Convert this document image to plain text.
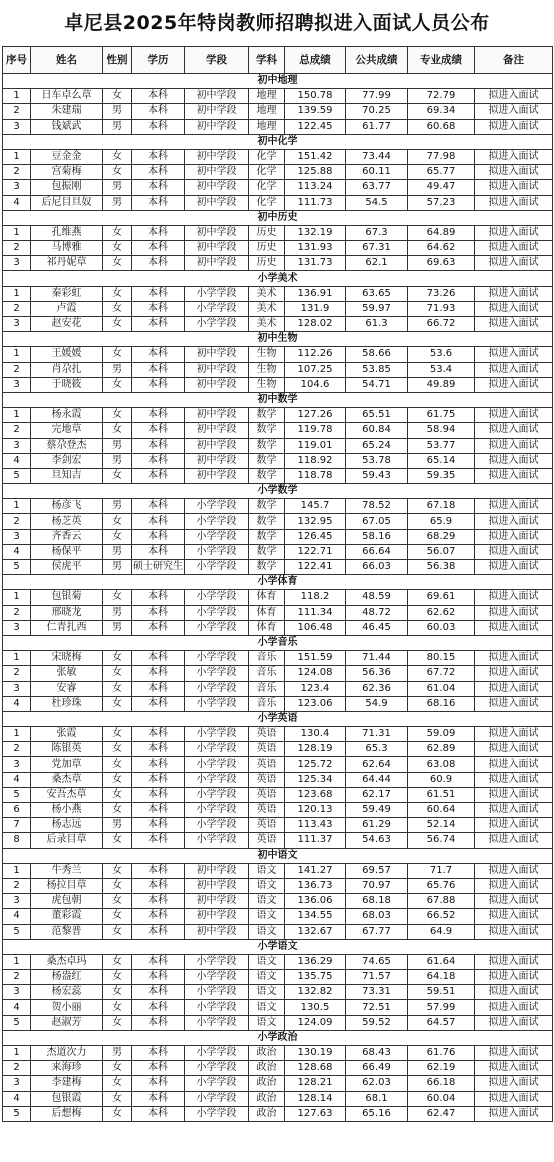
卓尼县2025年特岗教师招聘拟进入面试人员公布
序号	姓名	性别	学历	学段	学科	总成绩	公共成绩	专业成绩	备注
初中地理									
1	日车卓么草	女	本科	初中学段	地理	150.78	77.99	72.79	拟进入面试
2	朱建瑞	男	本科	初中学段	地理	139.59	70.25	69.34	拟进入面试
3	钱斌武	男	本科	初中学段	地理	122.45	61.77	60.68	拟进入面试
初中化学									
1	豆金金	女	本科	初中学段	化学	151.42	73.44	77.98	拟进入面试
2	宫菊梅	女	本科	初中学段	化学	125.88	60.11	65.77	拟进入面试
3	包振刚	男	本科	初中学段	化学	113.24	63.77	49.47	拟进入面试
4	后尼目旦奴	男	本科	初中学段	化学	111.73	54.5	57.23	拟进入面试
初中历史									
1	孔维燕	女	本科	初中学段	历史	132.19	67.3	64.89	拟进入面试
2	马博雅	女	本科	初中学段	历史	131.93	67.31	64.62	拟进入面试
3	祁丹妮草	女	本科	初中学段	历史	131.73	62.1	69.63	拟进入面试
小学美术									
1	秦彩虹	女	本科	小学学段	美术	136.91	63.65	73.26	拟进入面试
2	卢霞	女	本科	小学学段	美术	131.9	59.97	71.93	拟进入面试
3	赵安花	女	本科	小学学段	美术	128.02	61.3	66.72	拟进入面试
初中生物									
1	王媛媛	女	本科	初中学段	生物	112.26	58.66	53.6	拟进入面试
2	肖尕扎	男	本科	初中学段	生物	107.25	53.85	53.4	拟进入面试
3	于晓筱	女	本科	初中学段	生物	104.6	54.71	49.89	拟进入面试
初中数学									
1	杨永霞	女	本科	初中学段	数学	127.26	65.51	61.75	拟进入面试
2	完地草	女	本科	初中学段	数学	119.78	60.84	58.94	拟进入面试
3	蔡尕登杰	男	本科	初中学段	数学	119.01	65.24	53.77	拟进入面试
4	李剑宏	男	本科	初中学段	数学	118.92	53.78	65.14	拟进入面试
5	旦知吉	女	本科	初中学段	数学	118.78	59.43	59.35	拟进入面试
小学数学									
1	杨彦飞	男	本科	小学学段	数学	145.7	78.52	67.18	拟进入面试
2	杨芝英	女	本科	小学学段	数学	132.95	67.05	65.9	拟进入面试
3	齐香云	女	本科	小学学段	数学	126.45	58.16	68.29	拟进入面试
4	杨保平	男	本科	小学学段	数学	122.71	66.64	56.07	拟进入面试
5	侯虎平	男	硕士研究生	小学学段	数学	122.41	66.03	56.38	拟进入面试
小学体育									
1	包银菊	女	本科	小学学段	体育	118.2	48.59	69.61	拟进入面试
2	邢晓龙	男	本科	小学学段	体育	111.34	48.72	62.62	拟进入面试
3	仁青扎西	男	本科	小学学段	体育	106.48	46.45	60.03	拟进入面试
小学音乐									
1	宋晓梅	女	本科	小学学段	音乐	151.59	71.44	80.15	拟进入面试
2	张敏	女	本科	小学学段	音乐	124.08	56.36	67.72	拟进入面试
3	安睿	女	本科	小学学段	音乐	123.4	62.36	61.04	拟进入面试
4	杜珍珠	女	本科	小学学段	音乐	123.06	54.9	68.16	拟进入面试
小学英语									
1	张霞	女	本科	小学学段	英语	130.4	71.31	59.09	拟进入面试
2	陈银英	女	本科	小学学段	英语	128.19	65.3	62.89	拟进入面试
3	党加草	女	本科	小学学段	英语	125.72	62.64	63.08	拟进入面试
4	桑杰草	女	本科	小学学段	英语	125.34	64.44	60.9	拟进入面试
5	安吾杰草	女	本科	小学学段	英语	123.68	62.17	61.51	拟进入面试
6	杨小燕	女	本科	小学学段	英语	120.13	59.49	60.64	拟进入面试
7	杨志远	男	本科	小学学段	英语	113.43	61.29	52.14	拟进入面试
8	后录目草	女	本科	小学学段	英语	111.37	54.63	56.74	拟进入面试
初中语文									
1	牛秀兰	女	本科	初中学段	语文	141.27	69.57	71.7	拟进入面试
2	杨拉目草	女	本科	初中学段	语文	136.73	70.97	65.76	拟进入面试
3	虎包朝	女	本科	初中学段	语文	136.06	68.18	67.88	拟进入面试
4	董彩霞	女	本科	初中学段	语文	134.55	68.03	66.52	拟进入面试
5	范黎普	女	本科	初中学段	语文	132.67	67.77	64.9	拟进入面试
小学语文									
1	桑杰卓玛	女	本科	小学学段	语文	136.29	74.65	61.64	拟进入面试
2	杨盎红	女	本科	小学学段	语文	135.75	71.57	64.18	拟进入面试
3	杨宏蕊	女	本科	小学学段	语文	132.82	73.31	59.51	拟进入面试
4	贺小丽	女	本科	小学学段	语文	130.5	72.51	57.99	拟进入面试
5	赵淑芳	女	本科	小学学段	语文	124.09	59.52	64.57	拟进入面试
小学政治									
1	杰道次力	男	本科	小学学段	政治	130.19	68.43	61.76	拟进入面试
2	来海珍	女	本科	小学学段	政治	128.68	66.49	62.19	拟进入面试
3	李建梅	女	本科	小学学段	政治	128.21	62.03	66.18	拟进入面试
4	包银霞	女	本科	小学学段	政治	128.14	68.1	60.04	拟进入面试
5	后想梅	女	本科	小学学段	政治	127.63	65.16	62.47	拟进入面试
